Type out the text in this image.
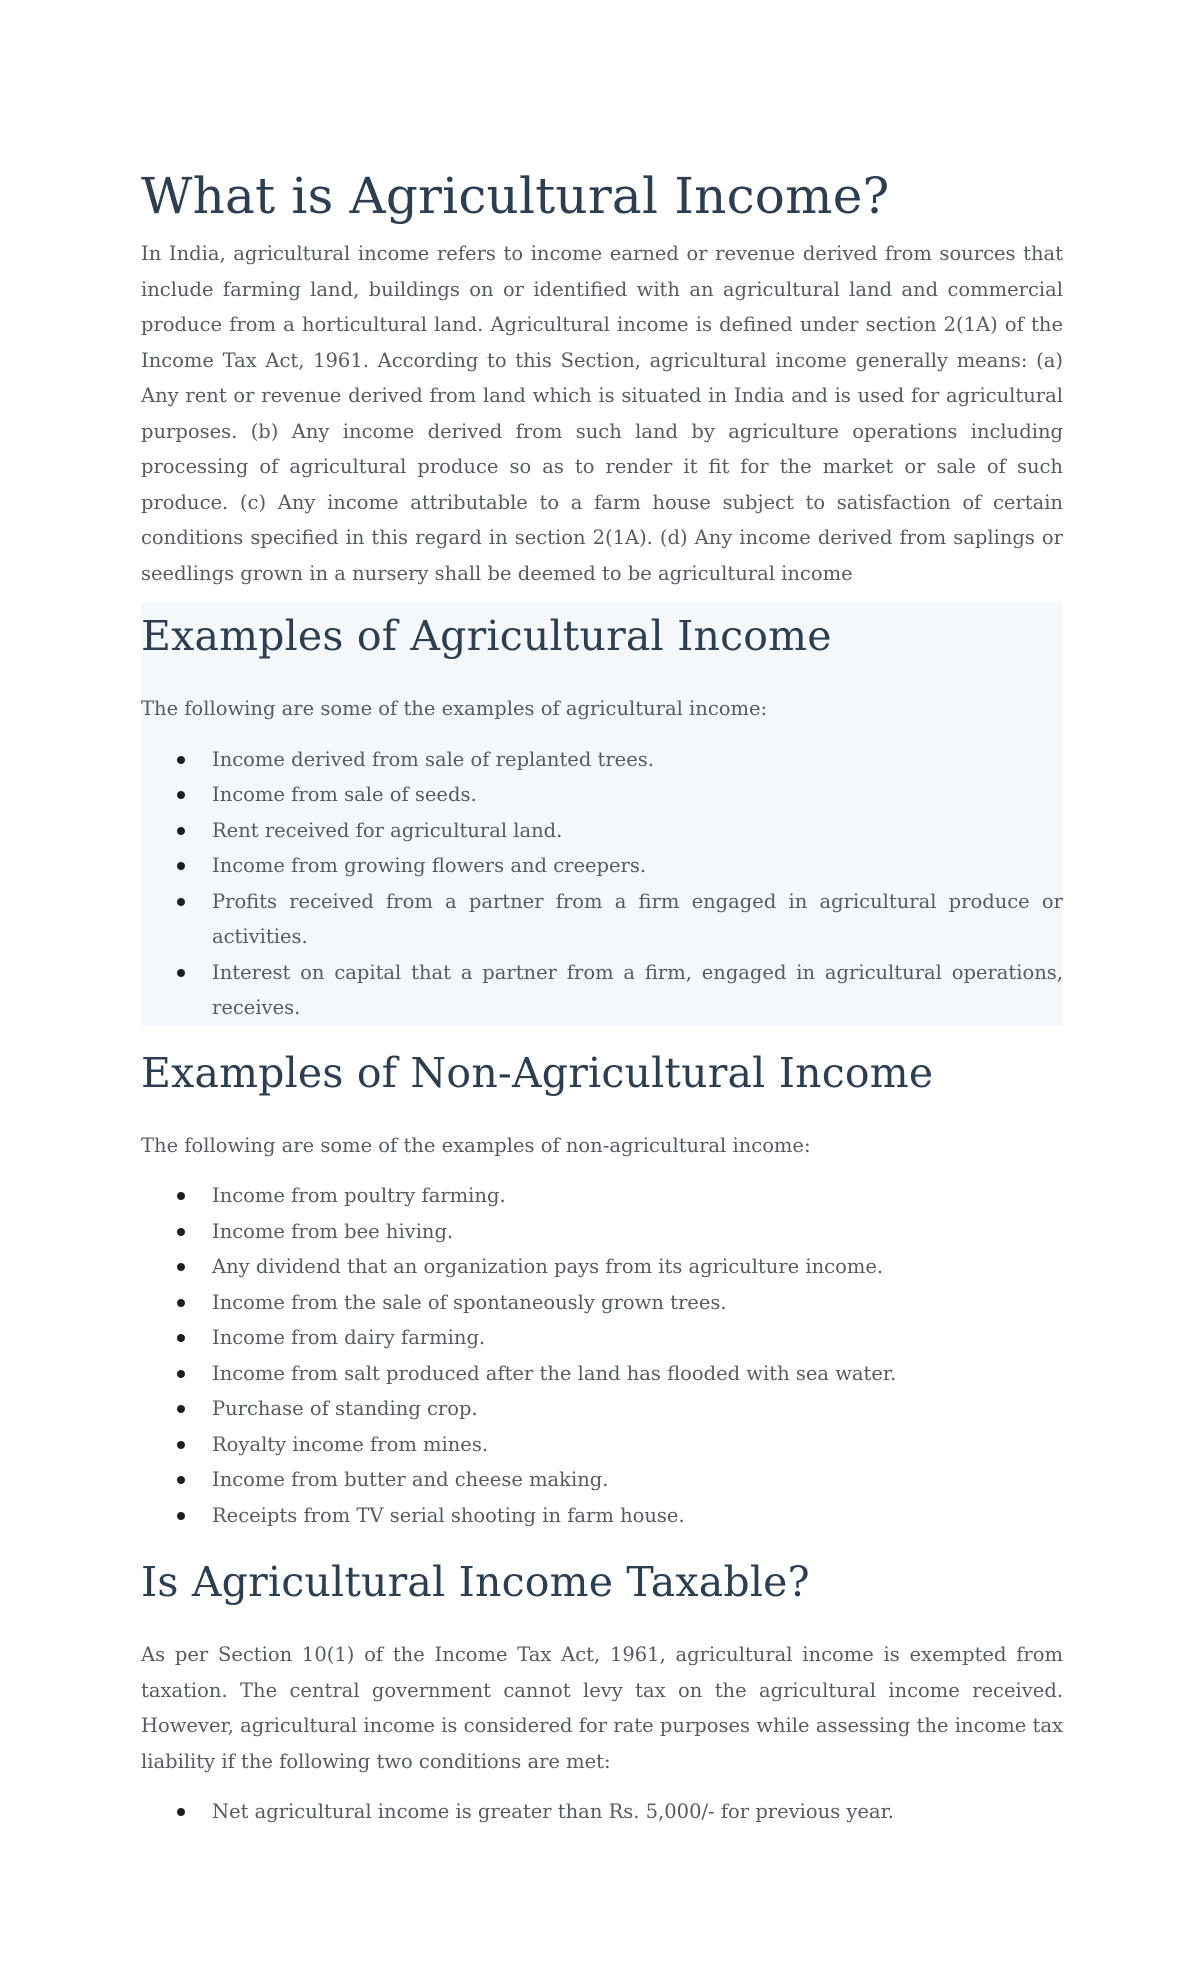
What is Agricultural Income?

In India, agricultural income refers to income earned or revenue derived from sources that include farming land, buildings on or identified with an agricultural land and commercial produce from a horticultural land. Agricultural income is defined under section 2(1A) of the Income Tax Act, 1961. According to this Section, agricultural income generally means: (a) Any rent or revenue derived from land which is situated in India and is used for agricultural purposes. (b) Any income derived from such land by agriculture operations including processing of agricultural produce so as to render it fit for the market or sale of such produce. (c) Any income attributable to a farm house subject to satisfaction of certain conditions specified in this regard in section 2(1A). (d) Any income derived from saplings or seedlings grown in a nursery shall be deemed to be agricultural income

Examples of Agricultural Income

The following are some of the examples of agricultural income:

Income derived from sale of replanted trees.
Income from sale of seeds.
Rent received for agricultural land.
Income from growing flowers and creepers.
Profits received from a partner from a firm engaged in agricultural produce or activities.
Interest on capital that a partner from a firm, engaged in agricultural operations, receives.
Examples of Non-Agricultural Income

The following are some of the examples of non-agricultural income:

Income from poultry farming.
Income from bee hiving.
Any dividend that an organization pays from its agriculture income.
Income from the sale of spontaneously grown trees.
Income from dairy farming.
Income from salt produced after the land has flooded with sea water.
Purchase of standing crop.
Royalty income from mines.
Income from butter and cheese making.
Receipts from TV serial shooting in farm house.
Is Agricultural Income Taxable?

As per Section 10(1) of the Income Tax Act, 1961, agricultural income is exempted from taxation. The central government cannot levy tax on the agricultural income received. However, agricultural income is considered for rate purposes while assessing the income tax liability if the following two conditions are met:

Net agricultural income is greater than Rs. 5,000/- for previous year.
